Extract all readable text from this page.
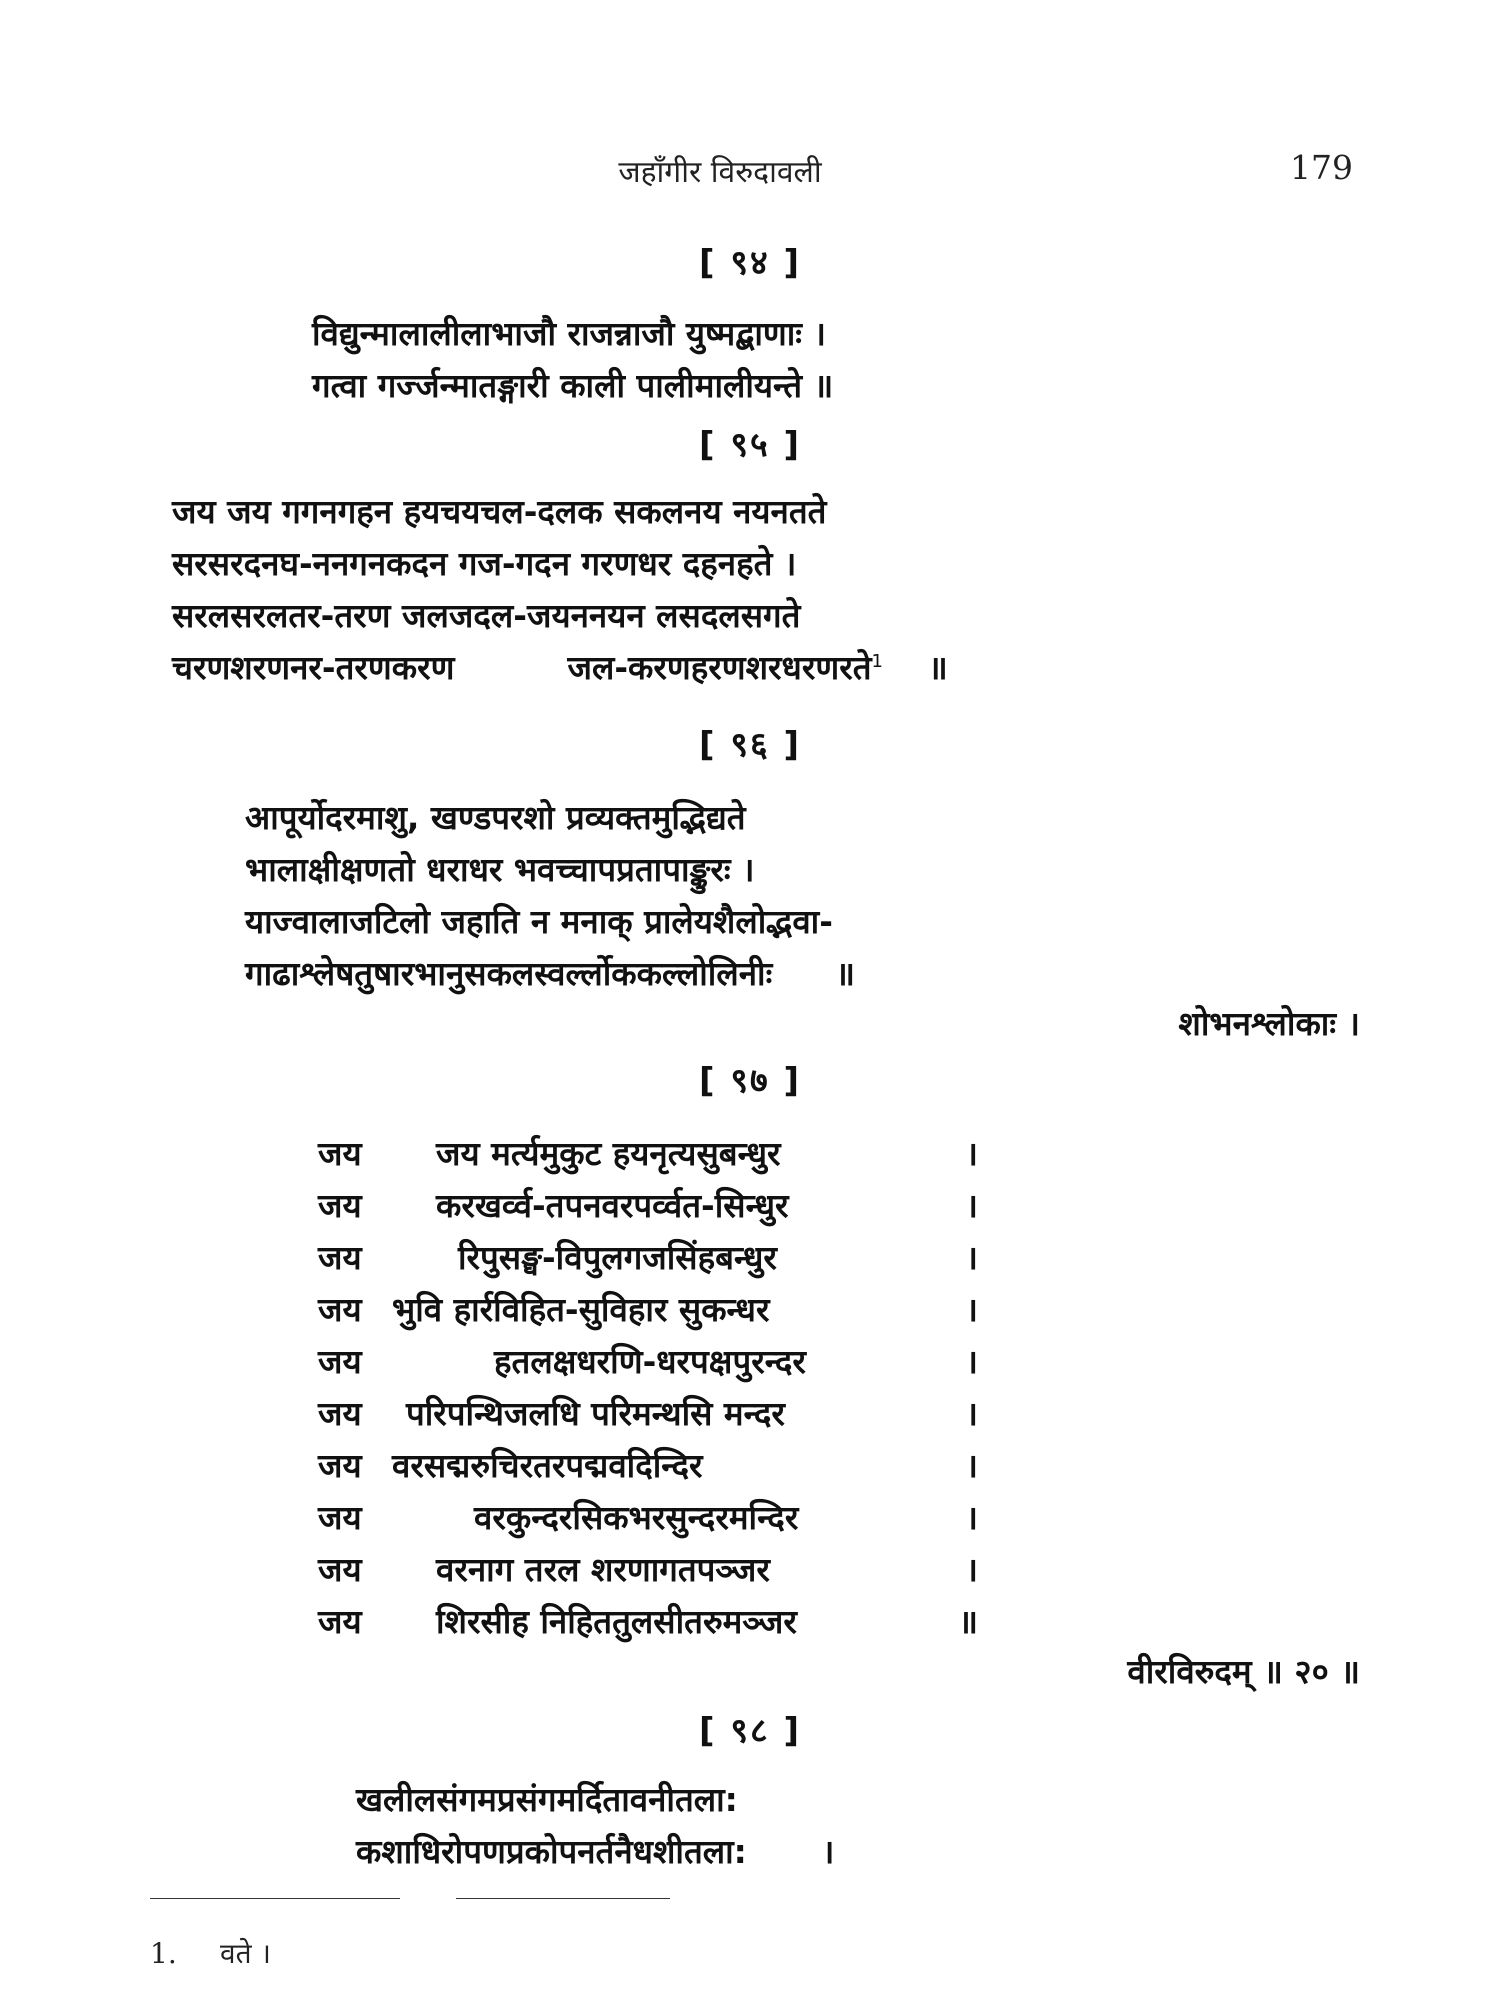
जहाँगीर विरुदावली	179
[ ९४ ]
विद्युन्मालालीलाभाजौ राजन्नाजौ युष्मद्बाणाः ।
गत्वा गर्ज्जन्मातङ्गारी काली पालीमालीयन्ते ॥
[ ९५ ]
जय जय गगनगहन हयचयचल-दलक सकलनय नयनतते
सरसरदनघ-ननगनकदन गज-गदन गरणधर दहनहते ।
सरलसरलतर-तरण जलजदल-जयननयन लसदलसगते
चरणशरणनर-तरणकरण	जल-करणहरणशरधरणरते$^1$ ॥
[ ९६ ]
आपूर्योदरमाशु, खण्डपरशो प्रव्यक्तमुद्भिद्यते
भालाक्षीक्षणतो धराधर भवच्चापप्रतापाङ्कुरः ।
याज्वालाजटिलो जहाति न मनाक् प्रालेयशैलोद्भवा-
गाढाश्लेषतुषारभानुसकलस्वर्ल्लोककल्लोलिनीः ॥
शोभनश्लोकाः ।
[ ९७ ]
जय जय मर्त्यमुकुट हयनृत्यसुबन्धुर	।
जय करखर्व्व-तपनवरपर्व्वत-सिन्धुर	।
जय	रिपुसङ्घ-विपुलगजसिंहबन्धुर	।
जय भुवि हार्रविहित-सुविहार सुकन्धर	।
जय	हतलक्षधरणि-धरपक्षपुरन्दर	।
जय परिपन्थिजलधि परिमन्थसि मन्दर	।
जय वरसद्मरुचिरतरपद्मवदिन्दिर	।
जय	वरकुन्दरसिकभरसुन्दरमन्दिर	।
जय वरनाग तरल शरणागतपञ्जर	।
जय शिरसीह निहिततुलसीतरुमञ्जर	॥
वीरविरुदम् ॥ २० ॥
[ ९८ ]
खलीलसंगमप्रसंगमर्दितावनीतला:
कशाधिरोपणप्रकोपनर्तनैधशीतला: ।
1. वते ।
